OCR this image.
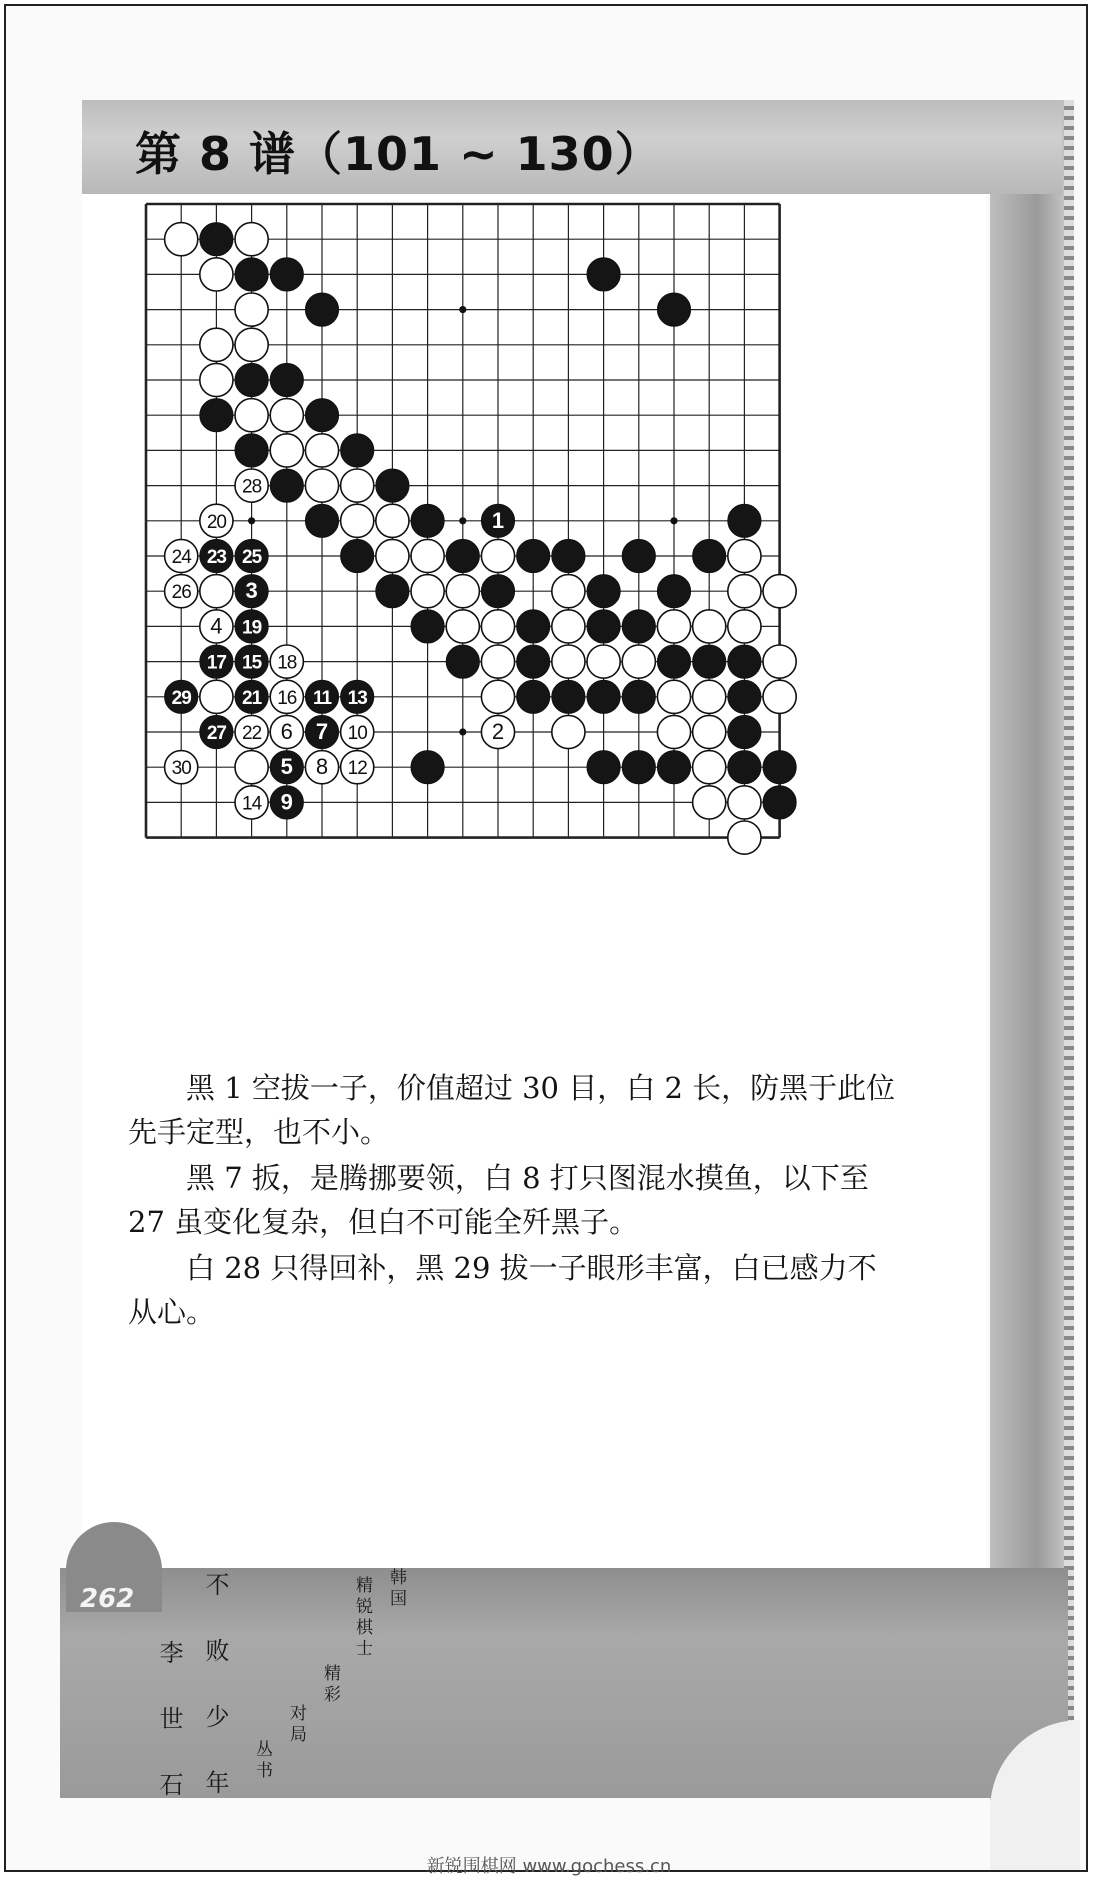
第 8 谱（101 ~ 130）
28
20	1
24 23 25
26 3
4 19
17 15 18
29	21 16 11 13
27 22 6 7 10	2
30	5 8 12
14 9

黑 1 空拔一子，价值超过 30 目，白 2 长，防黑于此位先手定型，也不小。

黑 7 扳，是腾挪要领，白 8 打只图混水摸鱼，以下至 27 虽变化复杂，但白不可能全歼黑子。

白 28 只得回补，黑 29 拔一子眼形丰富，白已感力不从心。

262
李世石 不败少年 丛书
对局
精彩
精锐棋士 韩国
新锐围棋网 www.gochess.cn
